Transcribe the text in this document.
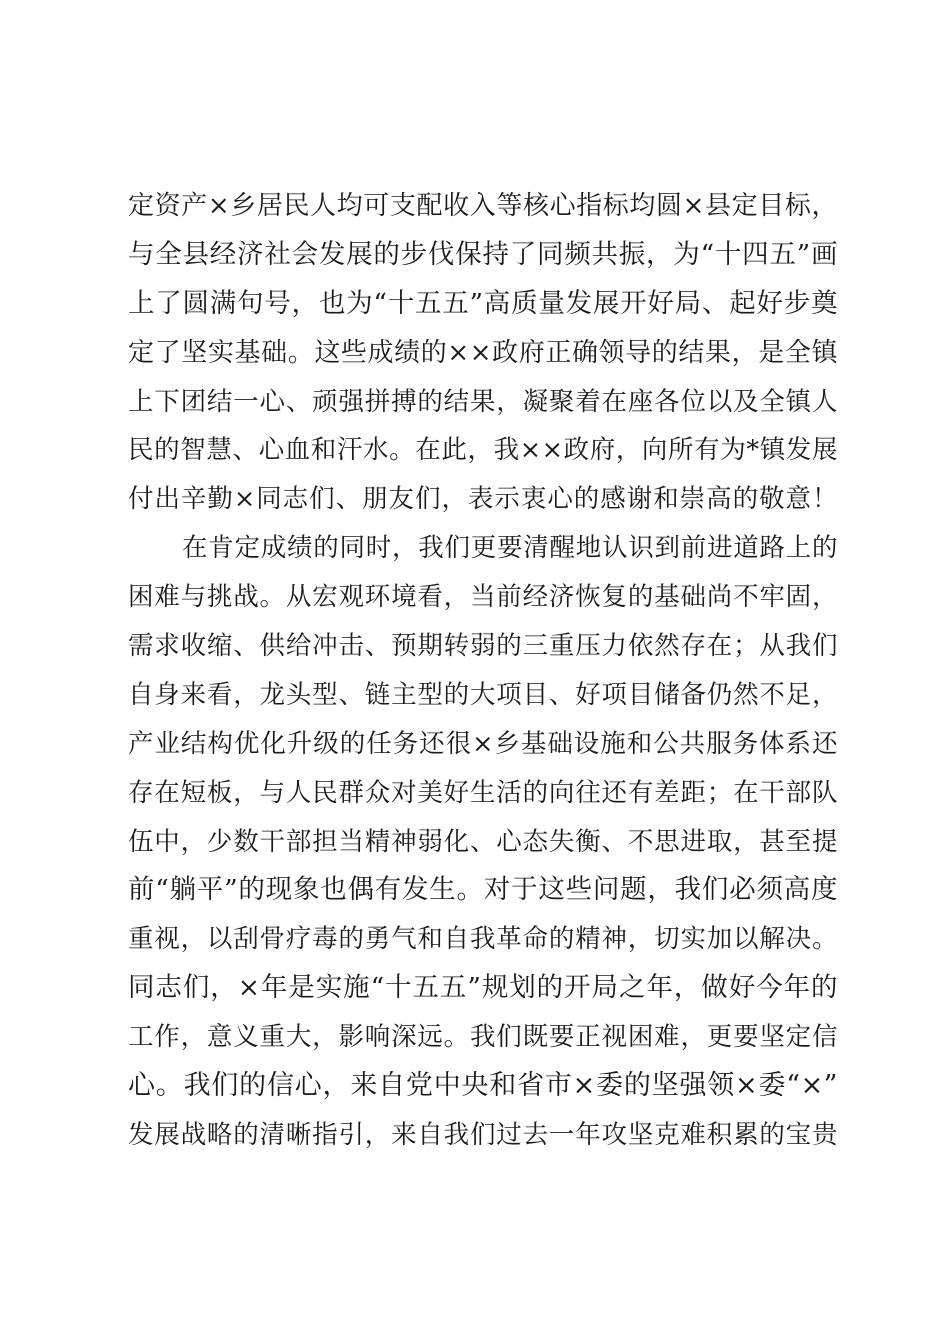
定资产×乡居民人均可支配收入等核心指标均圆×县定目标，
与全县经济社会发展的步伐保持了同频共振，为“十四五”画
上了圆满句号，也为“十五五”高质量发展开好局、起好步奠
定了坚实基础。这些成绩的××政府正确领导的结果，是全镇
上下团结一心、顽强拼搏的结果，凝聚着在座各位以及全镇人
民的智慧、心血和汗水。在此，我××政府，向所有为*镇发展
付出辛勤×同志们、朋友们，表示衷心的感谢和崇高的敬意！
在肯定成绩的同时，我们更要清醒地认识到前进道路上的
困难与挑战。从宏观环境看，当前经济恢复的基础尚不牢固，
需求收缩、供给冲击、预期转弱的三重压力依然存在；从我们
自身来看，龙头型、链主型的大项目、好项目储备仍然不足，
产业结构优化升级的任务还很×乡基础设施和公共服务体系还
存在短板，与人民群众对美好生活的向往还有差距；在干部队
伍中，少数干部担当精神弱化、心态失衡、不思进取，甚至提
前“躺平”的现象也偶有发生。对于这些问题，我们必须高度
重视，以刮骨疗毒的勇气和自我革命的精神，切实加以解决。
同志们，×年是实施“十五五”规划的开局之年，做好今年的
工作，意义重大，影响深远。我们既要正视困难，更要坚定信
心。我们的信心，来自党中央和省市×委的坚强领×委“×”
发展战略的清晰指引，来自我们过去一年攻坚克难积累的宝贵
